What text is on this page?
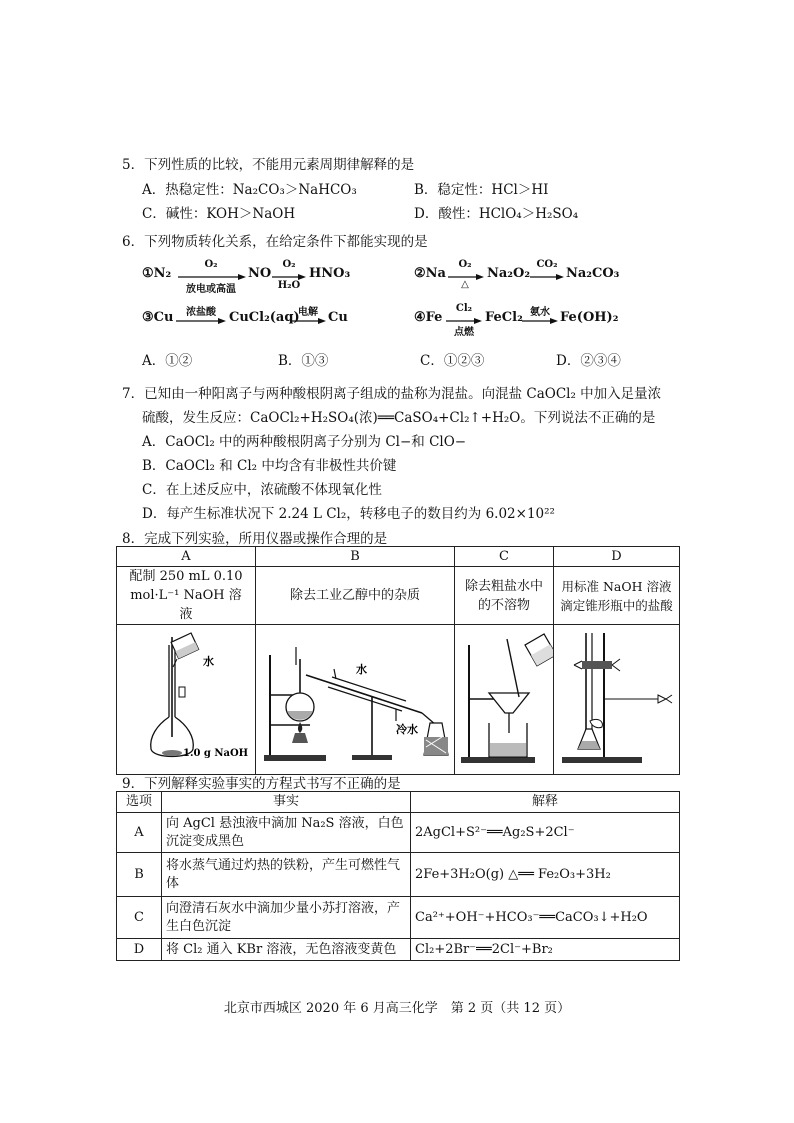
5．下列性质的比较，不能用元素周期律解释的是
A．热稳定性：Na₂CO₃＞NaHCO₃	B．稳定性：HCl＞HI
C．碱性：KOH＞NaOH	D．酸性：HClO₄＞H₂SO₄
6．下列物质转化关系，在给定条件下都能实现的是
①N₂
O₂
放电或高温
NO
O₂
H₂O
HNO₃	②Na
O₂
△
Na₂O₂
CO₂
Na₂CO₃
③Cu	浓盐酸	CuCl₂(aq)
电解 Cu	④Fe
Cl₂
点燃
FeCl₂ 氨水 Fe(OH)₂
A．①②	B．①③	C．①②③	D．②③④
7．已知由一种阳离子与两种酸根阴离子组成的盐称为混盐。向混盐 CaOCl₂ 中加入足量浓
硫酸，发生反应：CaOCl₂+H₂SO₄(浓)══CaSO₄+Cl₂↑+H₂O。下列说法不正确的是
A．CaOCl₂ 中的两种酸根阴离子分别为 Cl−和 ClO−
B．CaOCl₂ 和 Cl₂ 中均含有非极性共价键
C．在上述反应中，浓硫酸不体现氧化性
D．每产生标准状况下 2.24 L Cl₂，转移电子的数目约为 6.02×10²²
8．完成下列实验，所用仪器或操作合理的是
A	B	C	D
配制 250 mL 0.10 mol·L⁻¹ NaOH 溶液	除去工业乙醇中的杂质	除去粗盐水中的不溶物	用标准 NaOH 溶液滴定锥形瓶中的盐酸

水
1.0 g NaOH	水
冷水

9．下列解释实验事实的方程式书写不正确的是
选项	事实	解释
A	向 AgCl 悬浊液中滴加 Na₂S 溶液，白色沉淀变成黑色	2AgCl+S²⁻══Ag₂S+2Cl⁻
B	将水蒸气通过灼热的铁粉，产生可燃性气体	2Fe+3H₂O(g) △══ Fe₂O₃+3H₂
C	向澄清石灰水中滴加少量小苏打溶液，产生白色沉淀	Ca²⁺+OH⁻+HCO₃⁻══CaCO₃↓+H₂O
D	将 Cl₂ 通入 KBr 溶液，无色溶液变黄色	Cl₂+2Br⁻══2Cl⁻+Br₂
北京市西城区 2020 年 6 月高三化学　第 2 页（共 12 页）
